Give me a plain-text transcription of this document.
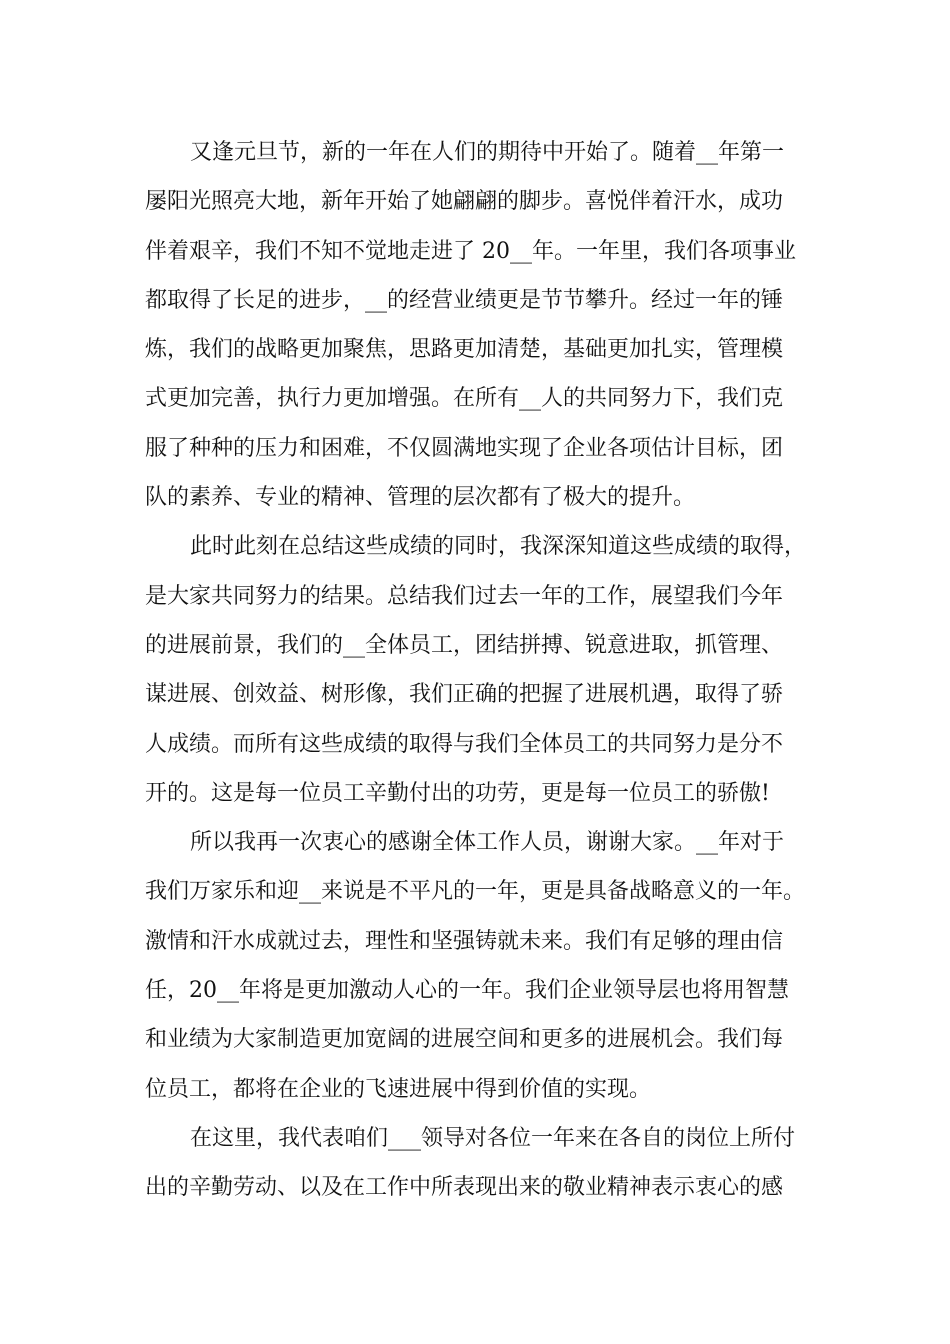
又逢元旦节，新的一年在人们的期待中开始了。随着__年第一
屡阳光照亮大地，新年开始了她翩翩的脚步。喜悦伴着汗水，成功
伴着艰辛，我们不知不觉地走进了 20__年。一年里，我们各项事业
都取得了长足的进步，__的经营业绩更是节节攀升。经过一年的锤
炼，我们的战略更加聚焦，思路更加清楚，基础更加扎实，管理模
式更加完善，执行力更加增强。在所有__人的共同努力下，我们克
服了种种的压力和困难，不仅圆满地实现了企业各项估计目标，团
队的素养、专业的精神、管理的层次都有了极大的提升。
此时此刻在总结这些成绩的同时，我深深知道这些成绩的取得，
是大家共同努力的结果。总结我们过去一年的工作，展望我们今年
的进展前景，我们的__全体员工，团结拼搏、锐意进取，抓管理、
谋进展、创效益、树形像，我们正确的把握了进展机遇，取得了骄
人成绩。而所有这些成绩的取得与我们全体员工的共同努力是分不
开的。这是每一位员工辛勤付出的功劳，更是每一位员工的骄傲!
所以我再一次衷心的感谢全体工作人员，谢谢大家。__年对于
我们万家乐和迎__来说是不平凡的一年，更是具备战略意义的一年。
激情和汗水成就过去，理性和坚强铸就未来。我们有足够的理由信
任，20__年将是更加激动人心的一年。我们企业领导层也将用智慧
和业绩为大家制造更加宽阔的进展空间和更多的进展机会。我们每
位员工，都将在企业的飞速进展中得到价值的实现。
在这里，我代表咱们___领导对各位一年来在各自的岗位上所付
出的辛勤劳动、以及在工作中所表现出来的敬业精神表示衷心的感
